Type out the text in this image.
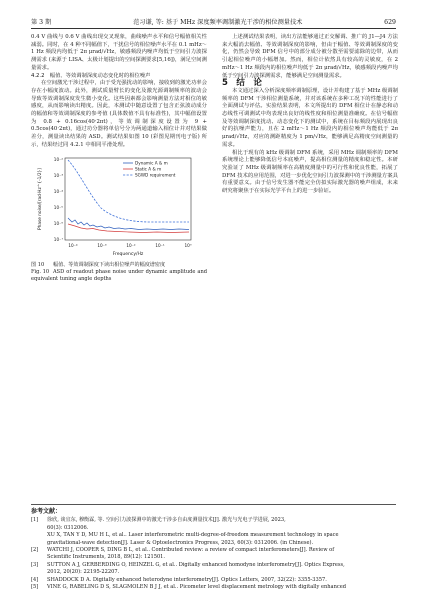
第 3 期	范习谦, 等: 基于 MHz 深度频率调制激光干涉的相位测量技术	629

0.4 V 曲线与 0.6 V 曲线出现交叉现象，曲线噪声水平和信号幅值相关性减弱。同时，在 4 种不同幅值下，干扰信号的相位噪声水平在 0.1 mHz～1 Hz 频段内均低于 2π μrad/√Hz，敏感频段内噪声均低于空间引力波探测需求 (来源于 LISA、太极计划提出的空间探测要求[5,16])，满足空间测量需求。

4.2.2　幅值、等效调制深度动态变化时的相位噪声

在空间激光干涉过程中，由于受光强扰动的影响，接收到的激光功率会存在小幅度波动。此外，测试质量臂长的变化及激光源调制频率的波动会导致等效调制深度发生微小变化。这些因素都会影响测量方法对相位的敏感度，从而影响读出精度。因此，本测试中随意设置了包含正弦波动成分的幅值和等效调制深度的参考值 (具体数值不具有标准性)，其中幅值设置为 0.8 + 0.16cos(40·2πt)，等效调制深度设置为 9 + 0.5cos(40·2πt)，通过功分器将单信号分为两通道输入相位计并对结果做差分，测量读出结果的 ASD。测试结果如图 10 (彩图见期刊电子版) 所示，结果经过同 4.2.1 中相同平滑处理。

10⁻²
10⁻³
10⁻⁴
10⁻⁵
10⁻⁶
10⁻⁷
10⁻⁴	10⁻³	10⁻²	10⁻¹	10⁰
Frequency/Hz
Phase noise/[rad·Hz^{-1/2}]
Dynamic A & m
Static A & m
SGWD requirement

图 10 幅值、等效调制深度下读出相位噪声的幅度谱密度

Fig. 10 ASD of readout phase noise under dynamic amplitude and equivalent tuning angle depths

上述测试结果表明，读出方法能够通过正交解调、推广的 J1—J4 方法来大幅消去幅值、等效调制深度的影响，但由于幅值、等效调制深度的变化，仍然会导致 DFM 信号中的部分成分被分散至需要滤除的边带，从而引起相位噪声的小幅增加。然而，相位计依然具有较高的灵敏度，在 2 mHz～1 Hz 频段内的相位噪声均低于 2π μrad/√Hz，敏感频段内噪声均低于空间引力波探测需求，能够满足空间测量需求。

5　结　论

本文通过深入分析深度频率调制原理，设计并构建了基于 MHz 级调制频率的 DFM 干涉相位测量系统，并对该系统在多种工况下的性能进行了全面测试与评估。实验结果表明，本文所提出的 DFM 相位计在静态和动态线性可调测试中均表现出良好的线性度和相位测量准确度。在信号幅值及等效调制深度扰动、动态变化下的测试中，系统在目标频段内展现出良好的抗噪声能力，且在 2 mHz～1 Hz 频段内的相位噪声均能低于 2π μrad/√Hz，对应的测距精度为 1 pm/√Hz，能够满足高精度空间测量的需求。

相比于现有的 kHz 级调制 DFM 系统，采用 MHz 调制频率的 DFM 系统理论上能够降低信号本底噪声，提高相位测量的精度和稳定性。本研究验证了 MHz 级调制频率在高精度测量中的可行性和优良性能，拓展了 DFM 技术的应用范围，对进一步优化空间引力波探测中的干涉测量方案具有重要意义。由于信号发生器不能完全仿拟实际激光器的噪声组成，未来研究将聚焦于在实际光学平台上的进一步验证。

参考文献：
[1]	徐欣, 谈宜东, 穆衡霖, 等. 空间引力波探测中的激光干涉多自由度测量技术[J]. 激光与光电子学进展, 2023,
60(3): 0312006.
XU X, TAN Y D, MU H L, et al.. Laser interferometric multi-degree-of-freedom measurement technology in space
gravitational-wave detection[J]. Laser & Optoelectronics Progress, 2023, 60(3): 0312006. (in Chinese).
[2]	WATCHI J, COOPER S, DING B L, et al.. Contributed review: a review of compact interferometers[J]. Review of
Scientific Instruments, 2018, 89(12): 121501.
[3]	SUTTON A J, GERBERDING O, HEINZEL G, et al.. Digitally enhanced homodyne interferometry[J]. Optics Express,
2012, 20(20): 22195-22207.
[4]	SHADDOCK D A. Digitally enhanced heterodyne interferometry[J]. Optics Letters, 2007, 32(22): 3355-3357.
[5]	VINE G, RABELING D S, SLAGMOLEN B J J, et al.. Picometer level displacement metrology with digitally enhanced
